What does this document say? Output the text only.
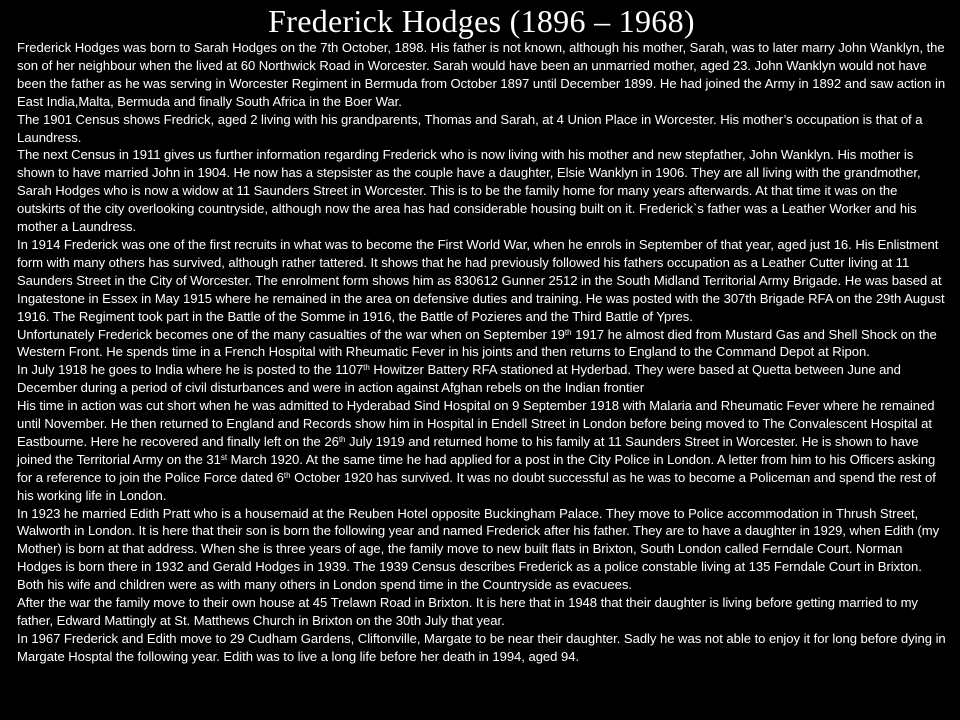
Frederick Hodges (1896 – 1968)

Frederick Hodges was born to Sarah Hodges on the 7th October, 1898. His father is not known, although his mother, Sarah, was to later marry John Wanklyn, the son of her neighbour when the lived at 60 Northwick Road in Worcester. Sarah would have been an unmarried mother, aged 23. John Wanklyn would not have been the father as he was serving in Worcester Regiment in Bermuda from October 1897 until December 1899. He had joined the Army in 1892 and saw action in East India,Malta, Bermuda and finally South Africa in the Boer War.

The 1901 Census shows Fredrick, aged 2 living with his grandparents, Thomas and Sarah, at 4 Union Place in Worcester. His mother’s occupation is that of a Laundress.

The next Census in 1911 gives us further information regarding Frederick who is now living with his mother and new stepfather, John Wanklyn. His mother is shown to have married John in 1904. He now has a stepsister as the couple have a daughter, Elsie Wanklyn in 1906. They are all living with the grandmother, Sarah Hodges who is now a widow at 11 Saunders Street in Worcester. This is to be the family home for many years afterwards. At that time it was on the outskirts of the city overlooking countryside, although now the area has had considerable housing built on it. Frederick`s father was a Leather Worker and his mother a Laundress.

In 1914 Frederick was one of the first recruits in what was to become the First World War, when he enrols in September of that year, aged just 16. His Enlistment form with many others has survived, although rather tattered. It shows that he had previously followed his fathers occupation as a Leather Cutter living at 11 Saunders Street in the City of Worcester. The enrolment form shows him as 830612 Gunner 2512 in the South Midland Territorial Army Brigade. He was based at Ingatestone in Essex in May 1915 where he remained in the area on defensive duties and training. He was posted with the 307th Brigade RFA on the 29th August 1916. The Regiment took part in the Battle of the Somme in 1916, the Battle of Pozieres and the Third Battle of Ypres.

Unfortunately Frederick becomes one of the many casualties of the war when on September 19th 1917 he almost died from Mustard Gas and Shell Shock on the Western Front. He spends time in a French Hospital with Rheumatic Fever in his joints and then returns to England to the Command Depot at Ripon.

In July 1918 he goes to India where he is posted to the 1107th Howitzer Battery RFA stationed at Hyderbad. They were based at Quetta between June and December during a period of civil disturbances and were in action against Afghan rebels on the Indian frontier

His time in action was cut short when he was admitted to Hyderabad Sind Hospital on 9 September 1918 with Malaria and Rheumatic Fever where he remained until November. He then returned to England and Records show him in Hospital in Endell Street in London before being moved to The Convalescent Hospital at Eastbourne. Here he recovered and finally left on the 26th July 1919 and returned home to his family at 11 Saunders Street in Worcester. He is shown to have joined the Territorial Army on the 31st March 1920. At the same time he had applied for a post in the City Police in London. A letter from him to his Officers asking for a reference to join the Police Force dated 6th October 1920 has survived. It was no doubt successful as he was to become a Policeman and spend the rest of his working life in London.

In 1923 he married Edith Pratt who is a housemaid at the Reuben Hotel opposite Buckingham Palace. They move to Police accommodation in Thrush Street, Walworth in London. It is here that their son is born the following year and named Frederick after his father. They are to have a daughter in 1929, when Edith (my Mother) is born at that address. When she is three years of age, the family move to new built flats in Brixton, South London called Ferndale Court. Norman Hodges is born there in 1932 and Gerald Hodges in 1939. The 1939 Census describes Frederick as a police constable living at 135 Ferndale Court in Brixton. Both his wife and children were as with many others in London spend time in the Countryside as evacuees.

After the war the family move to their own house at 45 Trelawn Road in Brixton. It is here that in 1948 that their daughter is living before getting married to my father, Edward Mattingly at St. Matthews Church in Brixton on the 30th July that year.

In 1967 Frederick and Edith move to 29 Cudham Gardens, Cliftonville, Margate to be near their daughter. Sadly he was not able to enjoy it for long before dying in Margate Hosptal the following year. Edith was to live a long life before her death in 1994, aged 94.
